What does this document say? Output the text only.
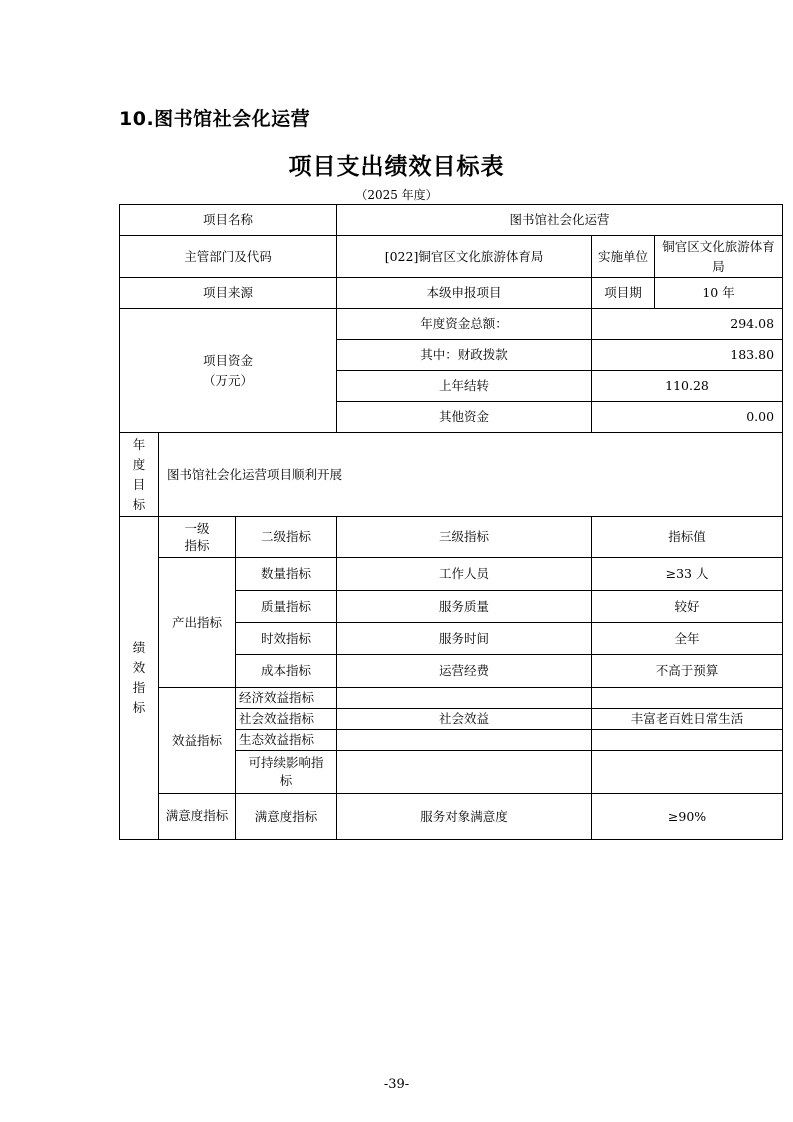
10.图书馆社会化运营
项目支出绩效目标表
（2025 年度）
项目名称			图书馆社会化运营		
主管部门及代码			[022]铜官区文化旅游体育局	实施单位	铜官区文化旅游体育局
项目来源			本级申报项目	项目期	10 年
项目资金
（万元）			年度资金总额：	294.08	
			其中：财政拨款	183.80	
			上年结转	110.28	
			其他资金	0.00	

年度目标	图书馆社会化运营项目顺利开展				

绩效指标	一级指标	二级指标	三级指标	指标值	
	产出指标	数量指标	工作人员	≥33 人	
		质量指标	服务质量	较好	
		时效指标	服务时间	全年	
		成本指标	运营经费	不高于预算	
	效益指标	经济效益指标			
		社会效益指标	社会效益	丰富老百姓日常生活	
		生态效益指标			

		可持续影响指标			

	满意度指标	满意度指标	服务对象满意度	≥90%	
-39-
